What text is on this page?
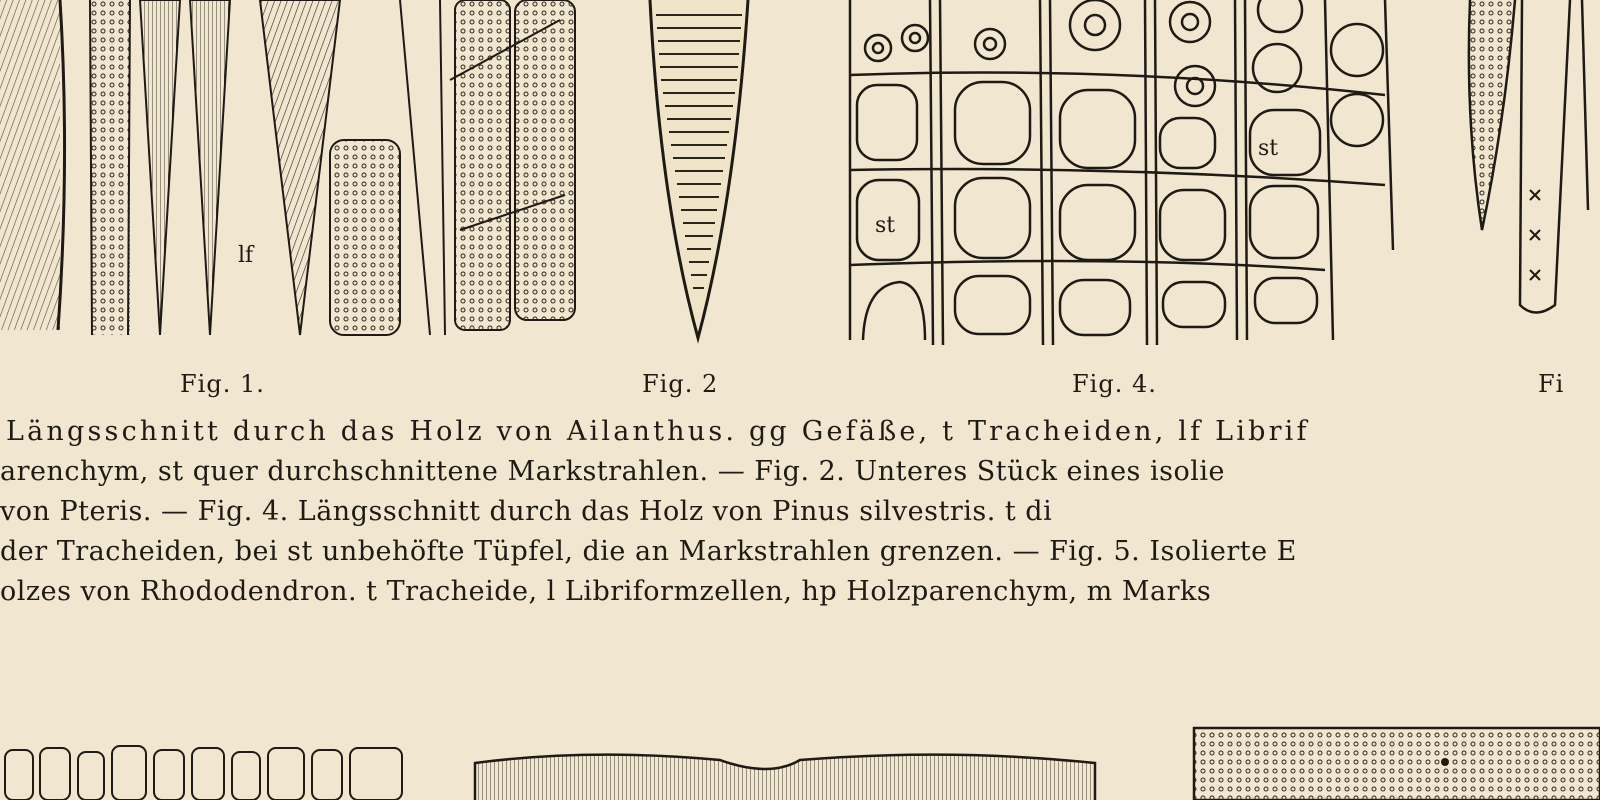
lf
st
st
Fig. 1.	Fig. 2	Fig. 4.	Fi
Längsschnitt durch das Holz von Ailanthus. gg Gefäße, t Tracheiden, lf Librif
arenchym, st quer durchschnittene Markstrahlen. — Fig. 2. Unteres Stück eines isolie
von Pteris. — Fig. 4. Längsschnitt durch das Holz von Pinus silvestris. t di
der Tracheiden, bei st unbehöfte Tüpfel, die an Markstrahlen grenzen. — Fig. 5. Isolierte E
olzes von Rhododendron. t Tracheide, l Libriformzellen, hp Holzparenchym, m Marks
